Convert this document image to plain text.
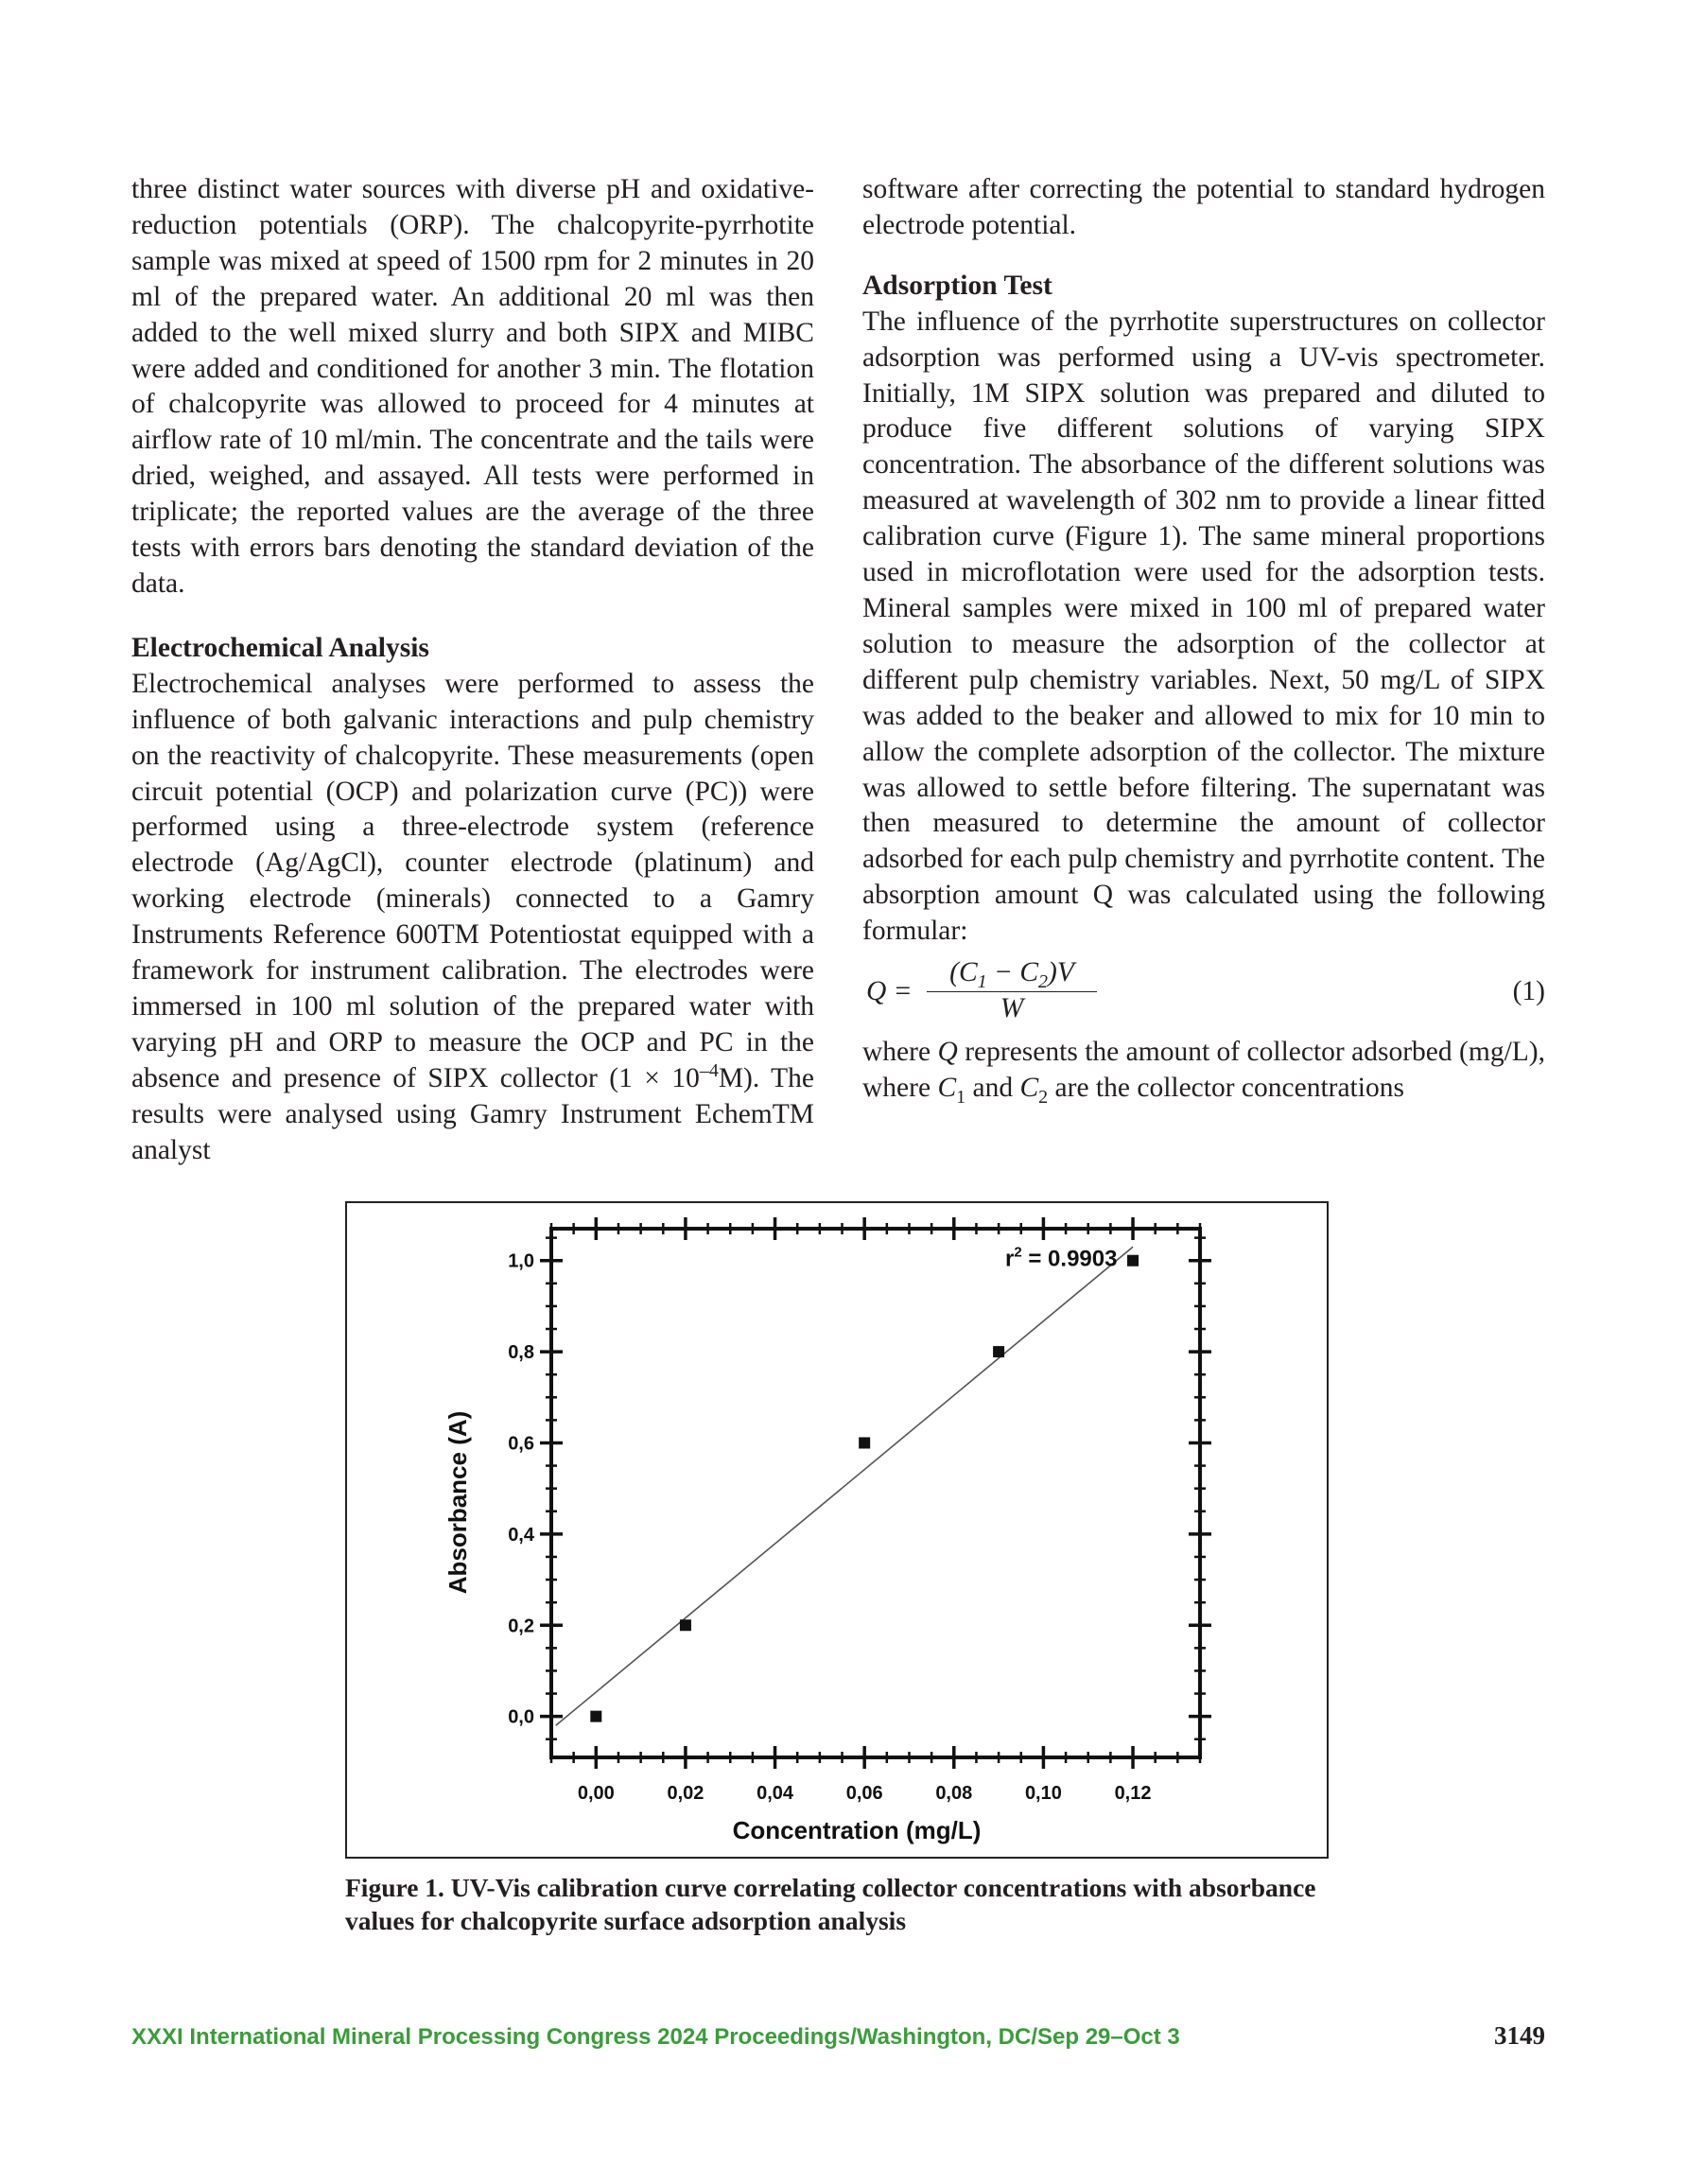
three distinct water sources with diverse pH and oxidative-reduction potentials (ORP). The chalcopyrite-pyrrhotite sample was mixed at speed of 1500 rpm for 2 minutes in 20 ml of the prepared water. An additional 20 ml was then added to the well mixed slurry and both SIPX and MIBC were added and conditioned for another 3 min. The flotation of chalcopyrite was allowed to proceed for 4 minutes at airflow rate of 10 ml/min. The concentrate and the tails were dried, weighed, and assayed. All tests were performed in triplicate; the reported values are the average of the three tests with errors bars denoting the standard deviation of the data.

Electrochemical Analysis

Electrochemical analyses were performed to assess the influence of both galvanic interactions and pulp chemistry on the reactivity of chalcopyrite. These measurements (open circuit potential (OCP) and polarization curve (PC)) were performed using a three-electrode system (reference electrode (Ag/AgCl), counter electrode (platinum) and working electrode (minerals) connected to a Gamry Instruments Reference 600TM Potentiostat equipped with a framework for instrument calibration. The electrodes were immersed in 100 ml solution of the prepared water with varying pH and ORP to measure the OCP and PC in the absence and presence of SIPX collector $(1 \times 10^{-4}M)$. The results were analysed using Gamry Instrument EchemTM analyst

software after correcting the potential to standard hydrogen electrode potential.

Adsorption Test

The influence of the pyrrhotite superstructures on collector adsorption was performed using a UV-vis spectrometer. Initially, 1M SIPX solution was prepared and diluted to produce five different solutions of varying SIPX concentration. The absorbance of the different solutions was measured at wavelength of 302 nm to provide a linear fitted calibration curve (Figure 1). The same mineral proportions used in microflotation were used for the adsorption tests. Mineral samples were mixed in 100 ml of prepared water solution to measure the adsorption of the collector at different pulp chemistry variables. Next, 50 mg/L of SIPX was added to the beaker and allowed to mix for 10 min to allow the complete adsorption of the collector. The mixture was allowed to settle before filtering. The supernatant was then measured to determine the amount of collector adsorbed for each pulp chemistry and pyrrhotite content. The absorption amount Q was calculated using the following formular:

$Q = \frac{(C_1 - C_2)V}{W}$	(1)

where Q represents the amount of collector adsorbed (mg/L), where $C_1$ and $C_2$ are the collector concentrations

0,00	0,02	0,04	0,06	0,08	0,10	0,12
0,0
0,2
0,4
0,6
0,8
1,0	$r^2 = 0.9903$
Concentration (mg/L)
Absorbance (A)
Figure 1. UV-Vis calibration curve correlating collector concentrations with absorbance values for chalcopyrite surface adsorption analysis
XXXI International Mineral Processing Congress 2024 Proceedings/Washington, DC/Sep 29–Oct 3	3149
